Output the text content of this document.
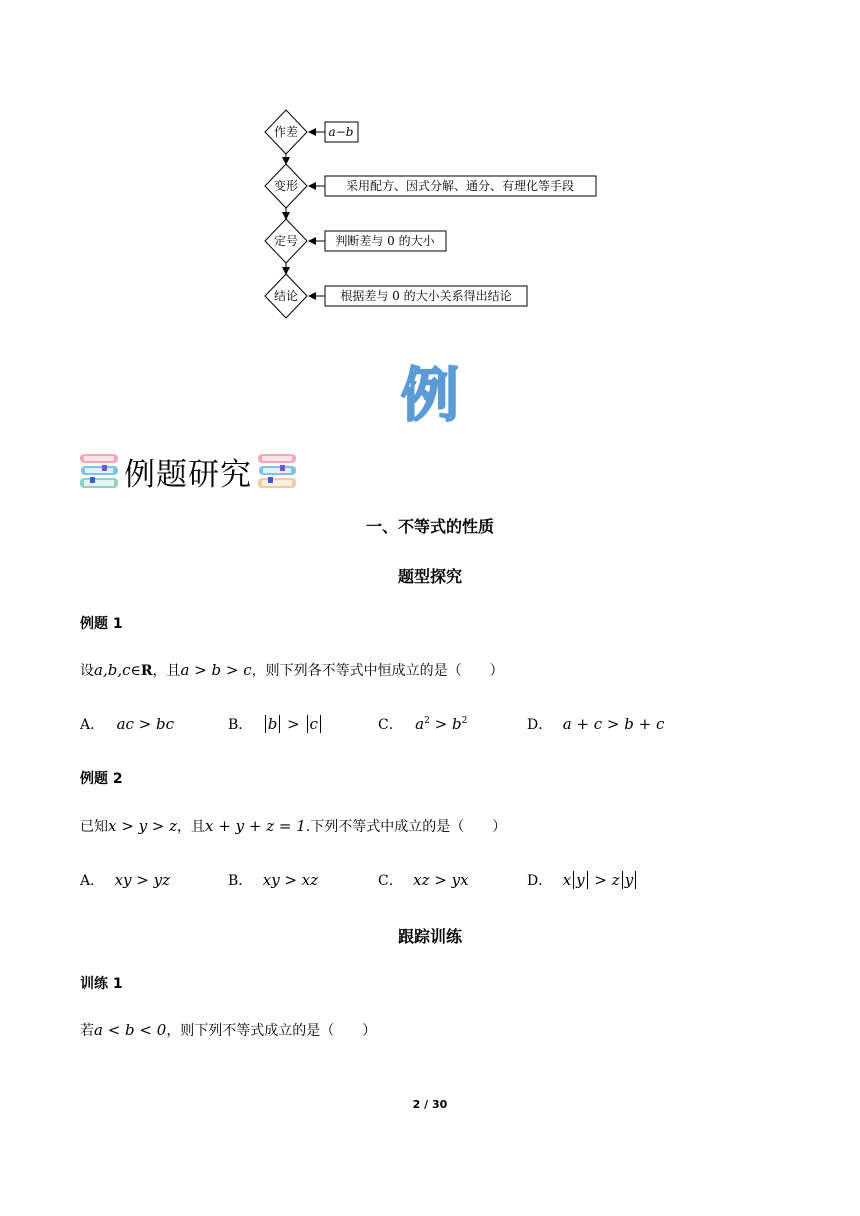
作差	a−b
变形	采用配方、因式分解、通分、有理化等手段
定号	判断差与 0 的大小
结论	根据差与 0 的大小关系得出结论
例
例题研究
一、不等式的性质
题型探究
例题 1
设a,b,c∈R，且a > b > c，则下列各不等式中恒成立的是（　　）
A． ac > bc	B． b > c	C． $a^2 > b^2$	D． a + c > b + c
例题 2
已知x > y > z，且x + y + z = 1.下列不等式中成立的是（　　）
A． xy > yz	B． xy > xz	C． xz > yx	D． x y > z y
跟踪训练
训练 1
若a < b < 0，则下列不等式成立的是（　　）
2 / 30
